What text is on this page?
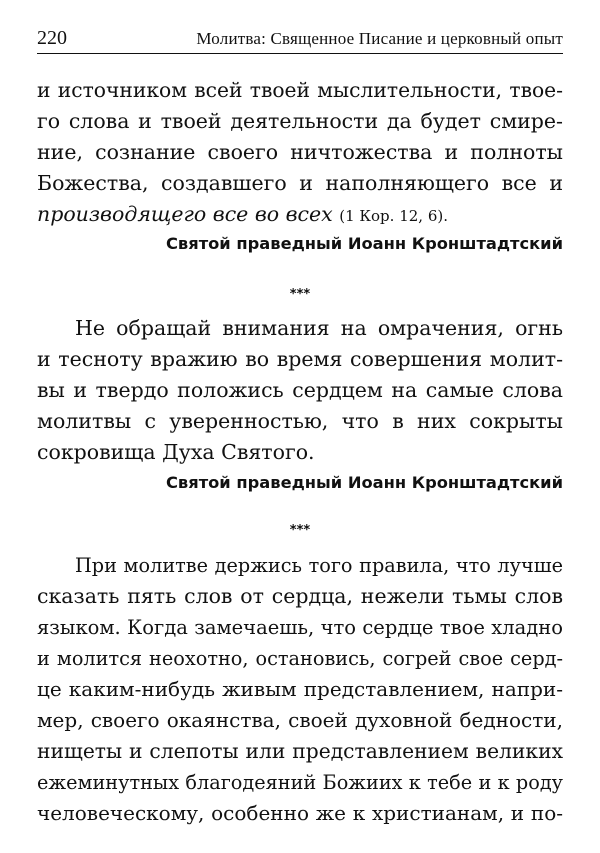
220	Молитва: Священное Писание и церковный опыт
и источником всей твоей мыслительности, твое-
го слова и твоей деятельности да будет смире-
ние, сознание своего ничтожества и полноты
Божества, создавшего и наполняющего все и
производящего все во всех (1 Кор. 12, 6).
Святой праведный Иоанн Кронштадтский
***
Не обращай внимания на омрачения, огнь
и тесноту вражию во время совершения молит-
вы и твердо положись сердцем на самые слова
молитвы с уверенностью, что в них сокрыты
сокровища Духа Святого.
Святой праведный Иоанн Кронштадтский
***
При молитве держись того правила, что лучше
сказать пять слов от сердца, нежели тьмы слов
языком. Когда замечаешь, что сердце твое хладно
и молится неохотно, остановись, согрей свое серд-
це каким-нибудь живым представлением, напри-
мер, своего окаянства, своей духовной бедности,
нищеты и слепоты или представлением великих
ежеминутных благодеяний Божиих к тебе и к роду
человеческому, особенно же к христианам, и по-
